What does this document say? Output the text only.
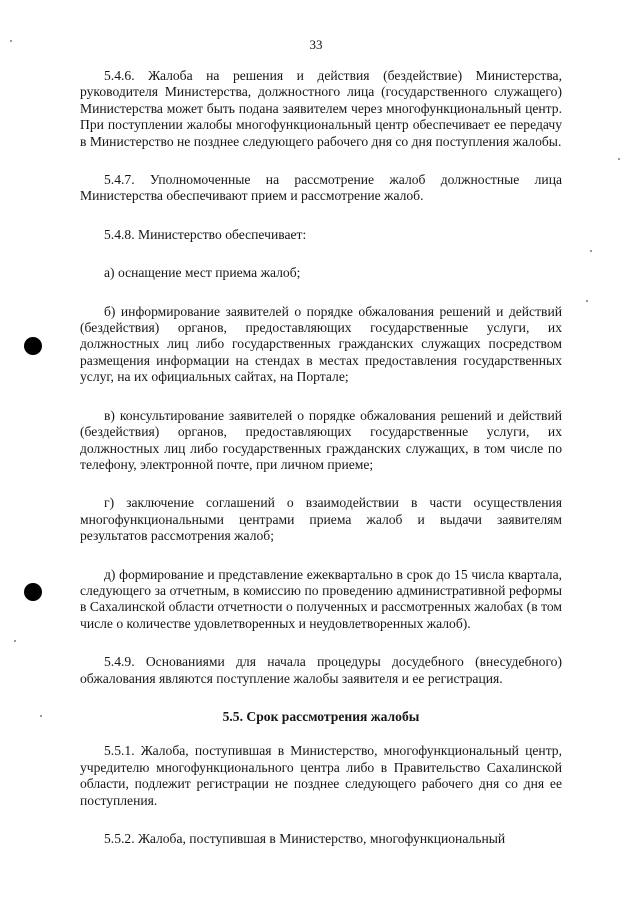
33

5.4.6. Жалоба на решения и действия (бездействие) Министерства, руководителя Министерства, должностного лица (государственного служащего) Министерства может быть подана заявителем через многофункциональный центр. При поступлении жалобы многофункциональный центр обеспечивает ее передачу в Министерство не позднее следующего рабочего дня со дня поступления жалобы.

5.4.7. Уполномоченные на рассмотрение жалоб должностные лица Министерства обеспечивают прием и рассмотрение жалоб.

5.4.8. Министерство обеспечивает:

а) оснащение мест приема жалоб;

б) информирование заявителей о порядке обжалования решений и действий (бездействия) органов, предоставляющих государственные услуги, их должностных лиц либо государственных гражданских служащих посредством размещения информации на стендах в местах предоставления государственных услуг, на их официальных сайтах, на Портале;

в) консультирование заявителей о порядке обжалования решений и действий (бездействия) органов, предоставляющих государственные услуги, их должностных лиц либо государственных гражданских служащих, в том числе по телефону, электронной почте, при личном приеме;

г) заключение соглашений о взаимодействии в части осуществления многофункциональными центрами приема жалоб и выдачи заявителям результатов рассмотрения жалоб;

д) формирование и представление ежеквартально в срок до 15 числа квартала, следующего за отчетным, в комиссию по проведению административной реформы в Сахалинской области отчетности о полученных и рассмотренных жалобах (в том числе о количестве удовлетворенных и неудовлетворенных жалоб).

5.4.9. Основаниями для начала процедуры досудебного (внесудебного) обжалования являются поступление жалобы заявителя и ее регистрация.

5.5. Срок рассмотрения жалобы

5.5.1. Жалоба, поступившая в Министерство, многофункциональный центр, учредителю многофункционального центра либо в Правительство Сахалинской области, подлежит регистрации не позднее следующего рабочего дня со дня ее поступления.

5.5.2. Жалоба, поступившая в Министерство, многофункциональный
